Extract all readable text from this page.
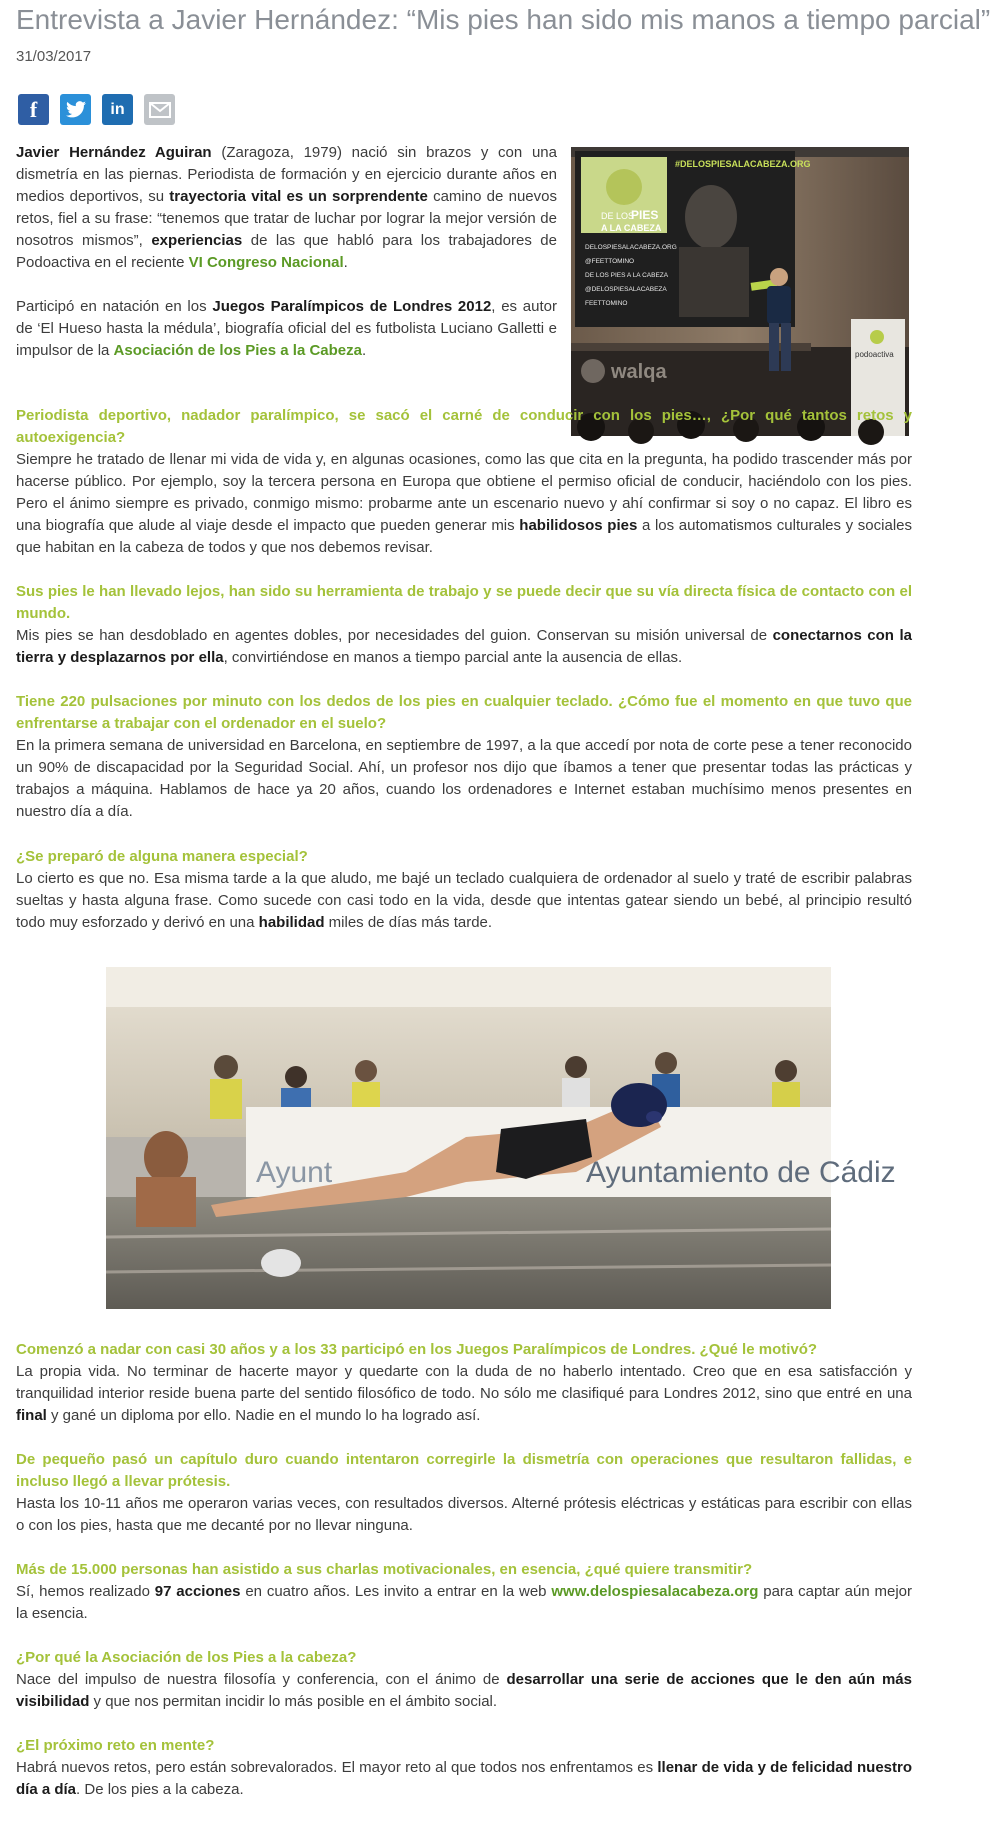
Entrevista a Javier Hernández: “Mis pies han sido mis manos a tiempo parcial”
31/03/2017
f	in

Javier Hernández Aguiran (Zaragoza, 1979) nació sin brazos y con una dismetría en las piernas. Periodista de formación y en ejercicio durante años en medios deportivos, su trayectoria vital es un sorprendente camino de nuevos retos, fiel a su frase: “tenemos que tratar de luchar por lograr la mejor versión de nosotros mismos”, experiencias de las que habló para los trabajadores de Podoactiva en el reciente VI Congreso Nacional.

Participó en natación en los Juegos Paralímpicos de Londres 2012, es autor de ‘El Hueso hasta la médula’, biografía oficial del es futbolista Luciano Galletti e impulsor de la Asociación de los Pies a la Cabeza.

DE LOS
PIES
A LA CABEZA
#DELOSPIESALACABEZA.ORG
DELOSPIESALACABEZA.ORG
@FEETTOMINO
DE LOS PIES A LA CABEZA
@DELOSPIESALACABEZA
FEETTOMINO
walqa
podoactiva

Periodista deportivo, nadador paralímpico, se sacó el carné de conducir con los pies…, ¿Por qué tantos retos y autoexigencia?

Siempre he tratado de llenar mi vida de vida y, en algunas ocasiones, como las que cita en la pregunta, ha podido trascender más por hacerse público. Por ejemplo, soy la tercera persona en Europa que obtiene el permiso oficial de conducir, haciéndolo con los pies. Pero el ánimo siempre es privado, conmigo mismo: probarme ante un escenario nuevo y ahí confirmar si soy o no capaz. El libro es una biografía que alude al viaje desde el impacto que pueden generar mis habilidosos pies a los automatismos culturales y sociales que habitan en la cabeza de todos y que nos debemos revisar.

Sus pies le han llevado lejos, han sido su herramienta de trabajo y se puede decir que su vía directa física de contacto con el mundo.

Mis pies se han desdoblado en agentes dobles, por necesidades del guion. Conservan su misión universal de conectarnos con la tierra y desplazarnos por ella, convirtiéndose en manos a tiempo parcial ante la ausencia de ellas.

Tiene 220 pulsaciones por minuto con los dedos de los pies en cualquier teclado. ¿Cómo fue el momento en que tuvo que enfrentarse a trabajar con el ordenador en el suelo?

En la primera semana de universidad en Barcelona, en septiembre de 1997, a la que accedí por nota de corte pese a tener reconocido un 90% de discapacidad por la Seguridad Social. Ahí, un profesor nos dijo que íbamos a tener que presentar todas las prácticas y trabajos a máquina. Hablamos de hace ya 20 años, cuando los ordenadores e Internet estaban muchísimo menos presentes en nuestro día a día.

¿Se preparó de alguna manera especial?

Lo cierto es que no. Esa misma tarde a la que aludo, me bajé un teclado cualquiera de ordenador al suelo y traté de escribir palabras sueltas y hasta alguna frase. Como sucede con casi todo en la vida, desde que intentas gatear siendo un bebé, al principio resultó todo muy esforzado y derivó en una habilidad miles de días más tarde.

Ayuntamiento de Cádiz
Ayunt

Comenzó a nadar con casi 30 años y a los 33 participó en los Juegos Paralímpicos de Londres. ¿Qué le motivó?

La propia vida. No terminar de hacerte mayor y quedarte con la duda de no haberlo intentado. Creo que en esa satisfacción y tranquilidad interior reside buena parte del sentido filosófico de todo. No sólo me clasifiqué para Londres 2012, sino que entré en una final y gané un diploma por ello. Nadie en el mundo lo ha logrado así.

De pequeño pasó un capítulo duro cuando intentaron corregirle la dismetría con operaciones que resultaron fallidas, e incluso llegó a llevar prótesis.

Hasta los 10-11 años me operaron varias veces, con resultados diversos. Alterné prótesis eléctricas y estáticas para escribir con ellas o con los pies, hasta que me decanté por no llevar ninguna.

Más de 15.000 personas han asistido a sus charlas motivacionales, en esencia, ¿qué quiere transmitir?

Sí, hemos realizado 97 acciones en cuatro años. Les invito a entrar en la web www.delospiesalacabeza.org para captar aún mejor la esencia.

¿Por qué la Asociación de los Pies a la cabeza?

Nace del impulso de nuestra filosofía y conferencia, con el ánimo de desarrollar una serie de acciones que le den aún más visibilidad y que nos permitan incidir lo más posible en el ámbito social.

¿El próximo reto en mente?

Habrá nuevos retos, pero están sobrevalorados. El mayor reto al que todos nos enfrentamos es llenar de vida y de felicidad nuestro día a día. De los pies a la cabeza.
